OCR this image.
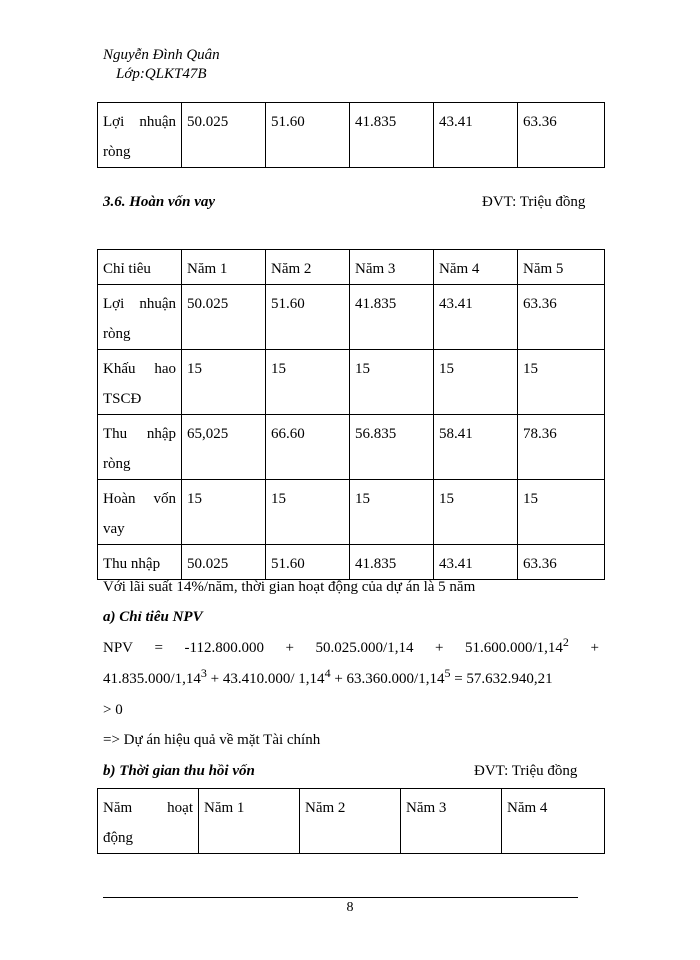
Nguyễn Đình Quân
Lớp:QLKT47B
Lợi nhuận ròng	50.025	51.60	41.835	43.41	63.36
3.6. Hoàn vốn vay	ĐVT: Triệu đồng
Chỉ tiêu	Năm 1	Năm 2	Năm 3	Năm 4	Năm 5
Lợi nhuận ròng	50.025	51.60	41.835	43.41	63.36
Khấu hao TSCĐ	15	15	15	15	15
Thu nhập ròng	65,025	66.60	56.835	58.41	78.36
Hoàn vốn vay	15	15	15	15	15
Thu nhập	50.025	51.60	41.835	43.41	63.36
Với lãi suất 14%/năm, thời gian hoạt động của dự án là 5 năm
a) Chỉ tiêu NPV
NPV = $-112.800.000 + 50.025.000/1,14 + 51.600.000/1,14^2$ +
$41.835.000/1,14^3 + 43.410.000/$ $1,14^4 + 63.360.000/1,14^5 = 57.632.940,21$
> 0
=> Dự án hiệu quả về mặt Tài chính
b) Thời gian thu hồi vốn	ĐVT: Triệu đồng
Năm hoạt động	Năm 1	Năm 2	Năm 3	Năm 4
8
